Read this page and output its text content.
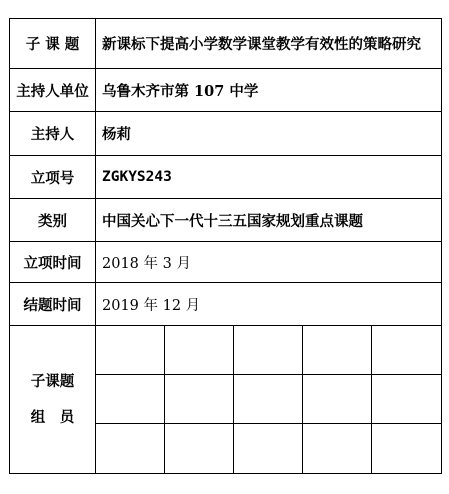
子 课 题	新课标下提高小学数学课堂教学有效性的策略研究				
主持人单位	乌鲁木齐市第 107 中学				
主持人	杨莉				
立项号	ZGKYS243				
类别	中国关心下一代十三五国家规划重点课题				
立项时间	2018 年 3 月				
结题时间	2019 年 12 月				

子课题
组　员					
